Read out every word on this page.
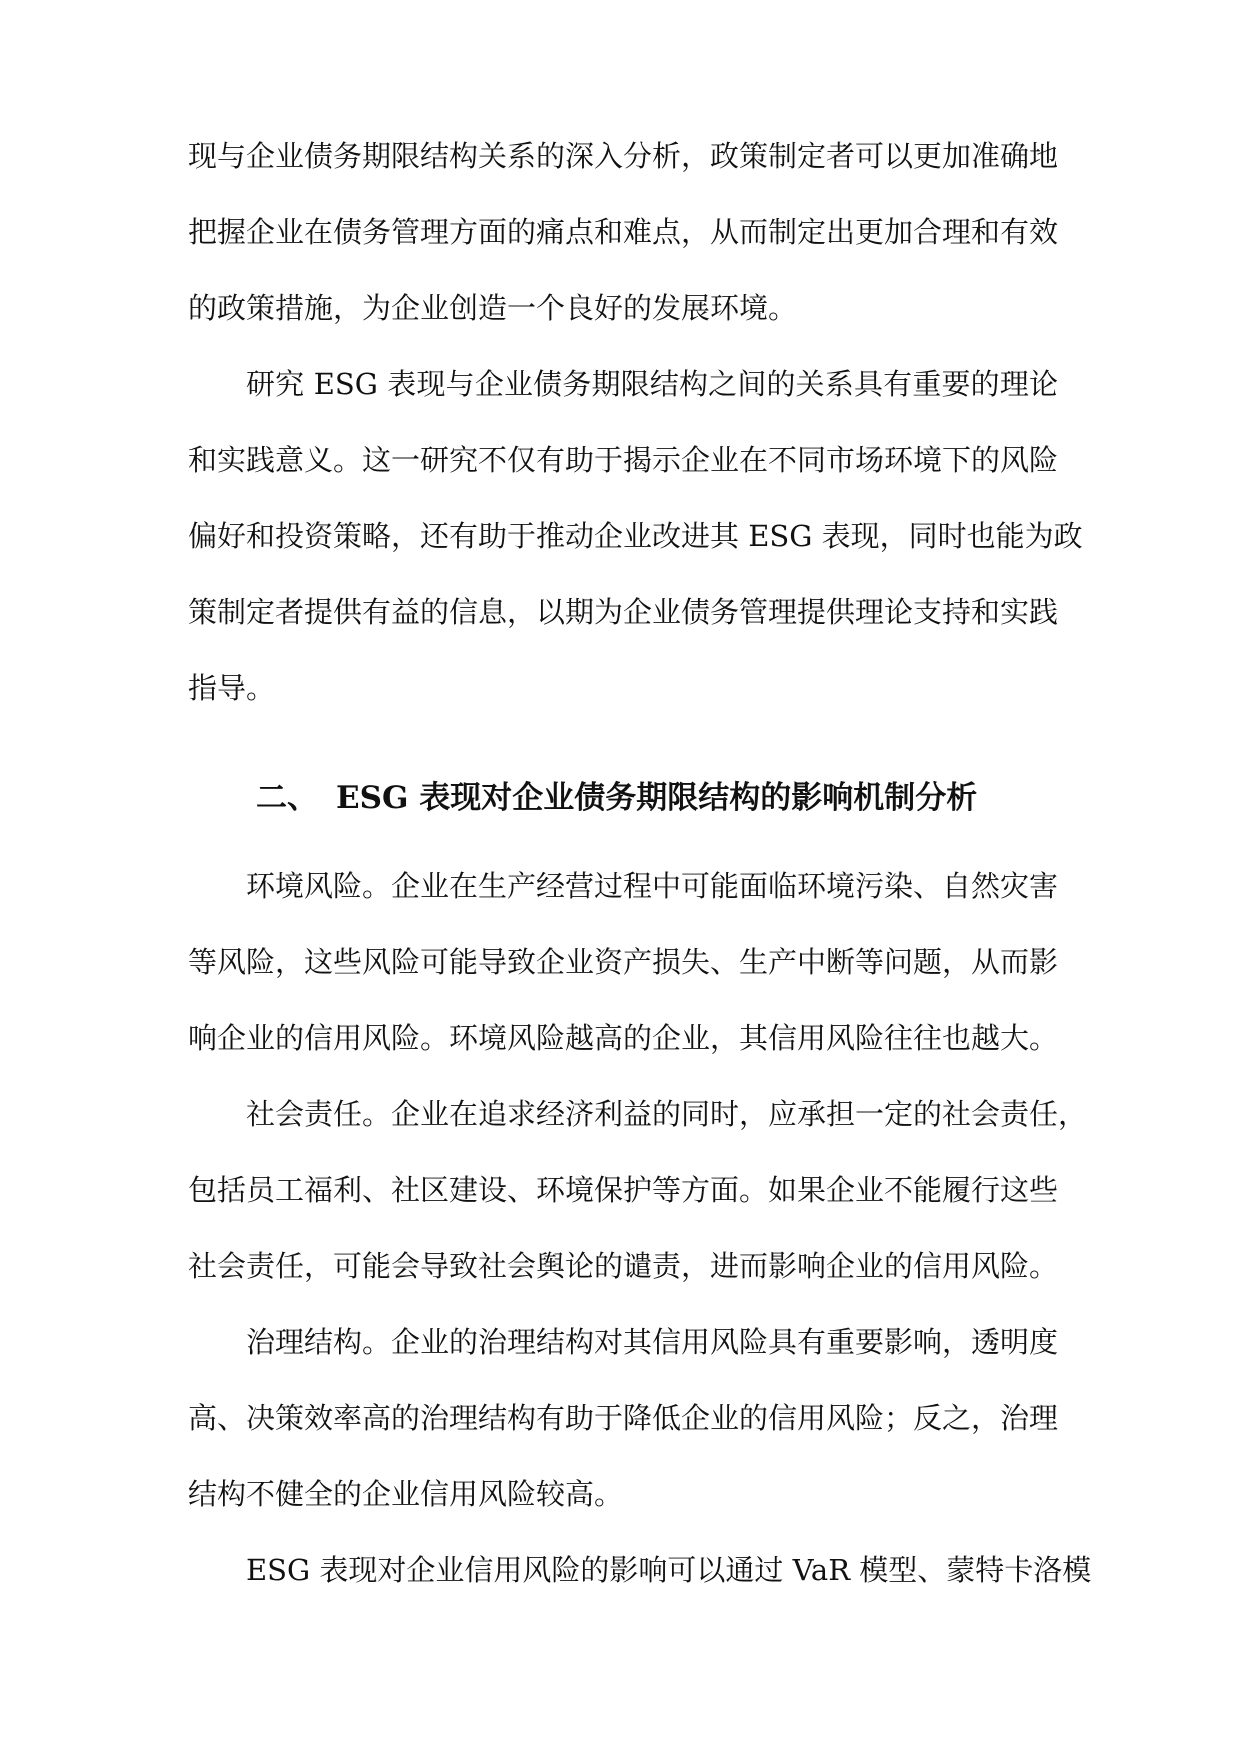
现与企业债务期限结构关系的深入分析，政策制定者可以更加准确地
把握企业在债务管理方面的痛点和难点，从而制定出更加合理和有效
的政策措施，为企业创造一个良好的发展环境。
研究 ESG 表现与企业债务期限结构之间的关系具有重要的理论
和实践意义。这一研究不仅有助于揭示企业在不同市场环境下的风险
偏好和投资策略，还有助于推动企业改进其 ESG 表现，同时也能为政
策制定者提供有益的信息，以期为企业债务管理提供理论支持和实践
指导。
二、 ESG 表现对企业债务期限结构的影响机制分析
环境风险。企业在生产经营过程中可能面临环境污染、自然灾害
等风险，这些风险可能导致企业资产损失、生产中断等问题，从而影
响企业的信用风险。环境风险越高的企业，其信用风险往往也越大。
社会责任。企业在追求经济利益的同时，应承担一定的社会责任，
包括员工福利、社区建设、环境保护等方面。如果企业不能履行这些
社会责任，可能会导致社会舆论的谴责，进而影响企业的信用风险。
治理结构。企业的治理结构对其信用风险具有重要影响，透明度
高、决策效率高的治理结构有助于降低企业的信用风险；反之，治理
结构不健全的企业信用风险较高。
ESG 表现对企业信用风险的影响可以通过 VaR 模型、蒙特卡洛模
